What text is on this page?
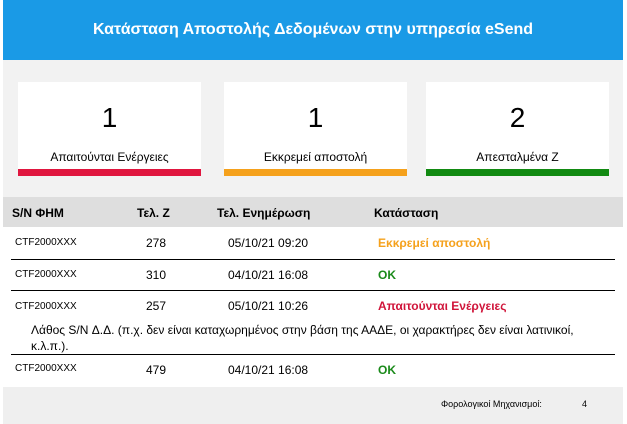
Κατάσταση Αποστολής Δεδομένων στην υπηρεσία eSend
1
Απαιτούνται Ενέργειες
1
Εκκρεμεί αποστολή
2
Απεσταλμένα Z
S/N ΦΗΜ	Τελ. Z	Τελ. Ενημέρωση	Κατάσταση
CTF2000XXX	278	05/10/21 09:20	Εκκρεμεί αποστολή
CTF2000XXX	310	04/10/21 16:08	OK
CTF2000XXX	257	05/10/21 10:26	Απαιτούνται Ενέργειες
Λάθος S/N Δ.Δ. (π.χ. δεν είναι καταχωρημένος στην βάση της ΑΑΔΕ, οι χαρακτήρες δεν είναι λατινικοί, κ.λ.π.).
CTF2000XXX	479	04/10/21 16:08	OK
Φορολογικοί Μηχανισμοί:	4
